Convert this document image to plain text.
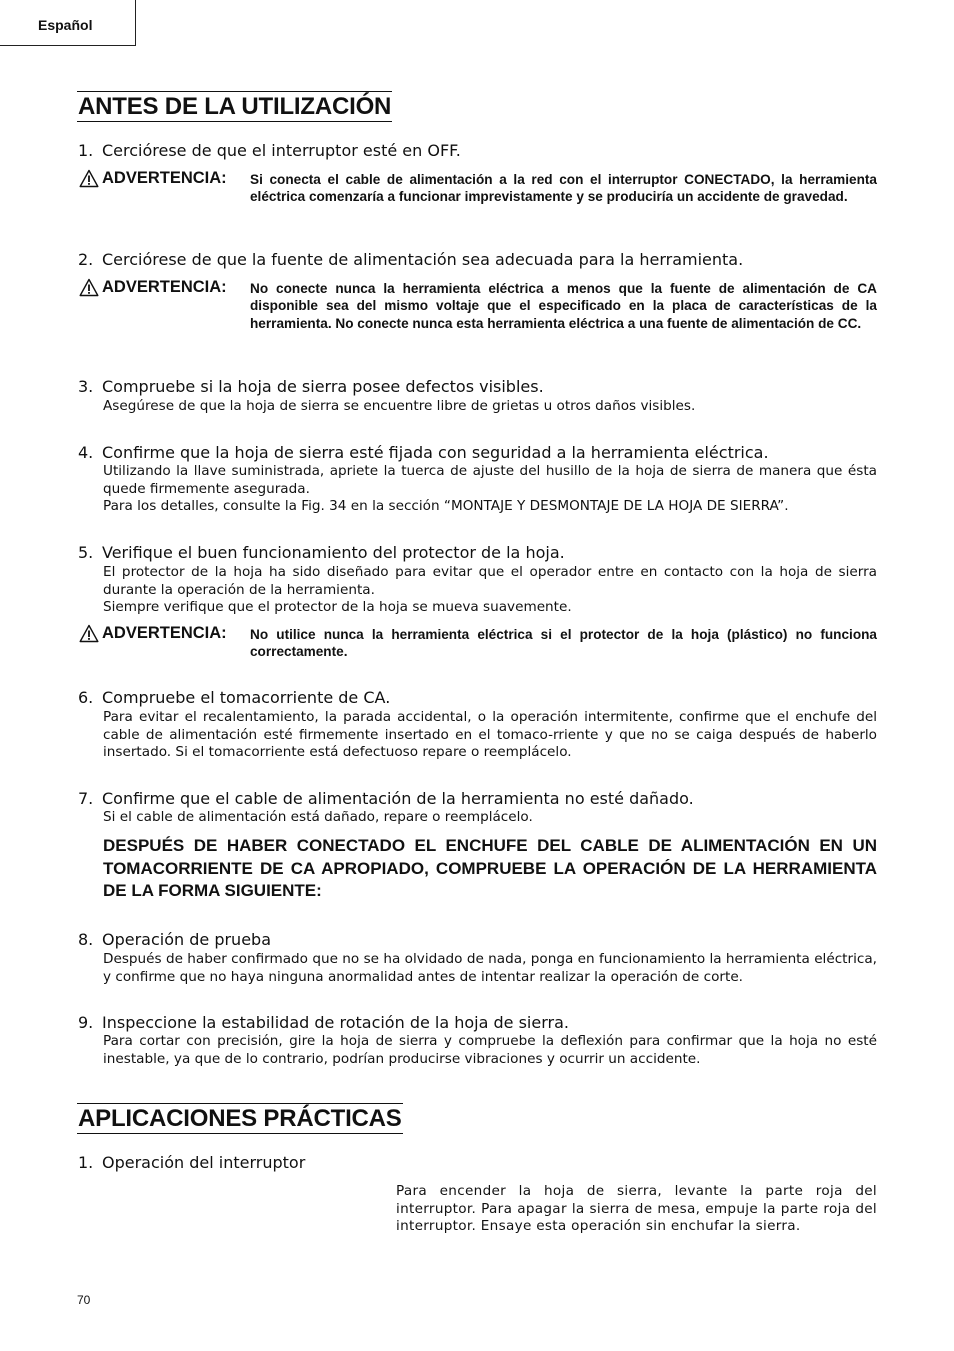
Español
ANTES DE LA UTILIZACIÓN
1. Cerciórese de que el interruptor esté en OFF.
ADVERTENCIA: Si conecta el cable de alimentación a la red con el interruptor CONECTADO, la herramienta eléctrica comenzaría a funcionar imprevistamente y se produciría un accidente de gravedad.
2. Cerciórese de que la fuente de alimentación sea adecuada para la herramienta.
ADVERTENCIA: No conecte nunca la herramienta eléctrica a menos que la fuente de alimentación de CA disponible sea del mismo voltaje que el especificado en la placa de características de la herramienta. No conecte nunca esta herramienta eléctrica a una fuente de alimentación de CC.
3. Compruebe si la hoja de sierra posee defectos visibles.
Asegúrese de que la hoja de sierra se encuentre libre de grietas u otros daños visibles.
4. Confirme que la hoja de sierra esté fijada con seguridad a la herramienta eléctrica.
Utilizando la llave suministrada, apriete la tuerca de ajuste del husillo de la hoja de sierra de manera que ésta quede firmemente asegurada.
Para los detalles, consulte la Fig. 34 en la sección “MONTAJE Y DESMONTAJE DE LA HOJA DE SIERRA”.
5. Verifique el buen funcionamiento del protector de la hoja.
El protector de la hoja ha sido diseñado para evitar que el operador entre en contacto con la hoja de sierra durante la operación de la herramienta.
Siempre verifique que el protector de la hoja se mueva suavemente.
ADVERTENCIA: No utilice nunca la herramienta eléctrica si el protector de la hoja (plástico) no funciona correctamente.
6. Compruebe el tomacorriente de CA.
Para evitar el recalentamiento, la parada accidental, o la operación intermitente, confirme que el enchufe del cable de alimentación esté firmemente insertado en el tomaco-rriente y que no se caiga después de haberlo insertado. Si el tomacorriente está defectuoso repare o reemplácelo.
7. Confirme que el cable de alimentación de la herramienta no esté dañado.
Si el cable de alimentación está dañado, repare o reemplácelo.
DESPUÉS DE HABER CONECTADO EL ENCHUFE DEL CABLE DE ALIMENTACIÓN EN UN TOMACORRIENTE DE CA APROPIADO, COMPRUEBE LA OPERACIÓN DE LA HERRAMIENTA DE LA FORMA SIGUIENTE:
8. Operación de prueba
Después de haber confirmado que no se ha olvidado de nada, ponga en funcionamiento la herramienta eléctrica, y confirme que no haya ninguna anormalidad antes de intentar realizar la operación de corte.
9. Inspeccione la estabilidad de rotación de la hoja de sierra.
Para cortar con precisión, gire la hoja de sierra y compruebe la deflexión para confirmar que la hoja no esté inestable, ya que de lo contrario, podrían producirse vibraciones y ocurrir un accidente.
APLICACIONES PRÁCTICAS
1. Operación del interruptor
Para encender la hoja de sierra, levante la parte roja del interruptor. Para apagar la sierra de mesa, empuje la parte roja del interruptor. Ensaye esta operación sin enchufar la sierra.
70
